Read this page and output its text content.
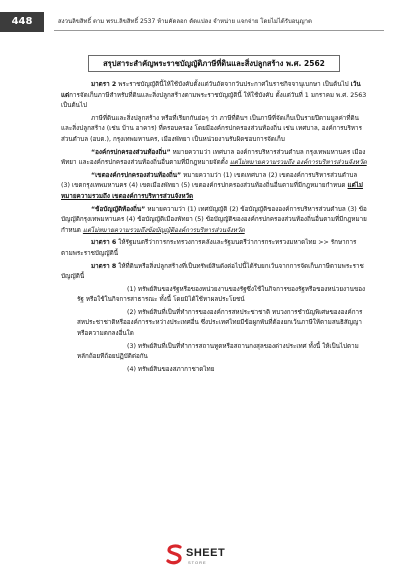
448	สงวนลิขสิทธิ์ ตาม พรบ.ลิขสิทธิ์ 2537 ห้ามคัดลอก ดัดแปลง จำหน่าย แจกจ่าย โดยไม่ได้รับอนุญาต
สรุปสาระสำคัญพระราชบัญญัติภาษีที่ดินและสิ่งปลูกสร้าง พ.ศ. 2562

มาตรา 2 พระราชบัญญัตินี้ให้ใช้บังคับตั้งแต่วันถัดจากวันประกาศในราชกิจจานุเบกษา เป็นต้นไป เว้นแต่การจัดเก็บภาษีสำหรับที่ดินและสิ่งปลูกสร้างตามพระราชบัญญัตินี้ ให้ใช้บังคับ ตั้งแต่วันที่ 1 มกราคม พ.ศ. 2563 เป็นต้นไป

ภาษีที่ดินและสิ่งปลูกสร้าง หรือที่เรียกกันย่อๆ ว่า ภาษีที่ดินฯ เป็นภาษีที่จัดเก็บเป็นรายปีตามมูลค่าที่ดินและสิ่งปลูกสร้าง (เช่น บ้าน อาคาร) ที่ครอบครอง โดยมีองค์กรปกครองส่วนท้องถิ่น เช่น เทศบาล, องค์การบริหารส่วนตำบล (อบต.), กรุงเทพมหานคร, เมืองพัทยา เป็นหน่วยงานรับผิดชอบการจัดเก็บ

“องค์กรปกครองส่วนท้องถิ่น” หมายความว่า เทศบาล องค์การบริหารส่วนตำบล กรุงเทพมหานคร เมืองพัทยา และองค์กรปกครองส่วนท้องถิ่นอื่นตามที่มีกฎหมายจัดตั้ง แต่ไม่หมายความรวมถึง องค์การบริหารส่วนจังหวัด

“เขตองค์กรปกครองส่วนท้องถิ่น” หมายความว่า (1) เขตเทศบาล (2) เขตองค์การบริหารส่วนตำบล (3) เขตกรุงเทพมหานคร (4) เขตเมืองพัทยา (5) เขตองค์กรปกครองส่วนท้องถิ่นอื่นตามที่มีกฎหมายกำหนด แต่ไม่หมายความรวมถึง เขตองค์การบริหารส่วนจังหวัด

“ข้อบัญญัติท้องถิ่น” หมายความว่า (1) เทศบัญญัติ (2) ข้อบัญญัติขององค์การบริหารส่วนตำบล (3) ข้อบัญญัติกรุงเทพมหานคร (4) ข้อบัญญัติเมืองพัทยา (5) ข้อบัญญัติขององค์กรปกครองส่วนท้องถิ่นอื่นตามที่มีกฎหมายกำหนด แต่ไม่หมายความรวมถึงข้อบัญญัติองค์การบริหารส่วนจังหวัด

มาตรา 6 ให้รัฐมนตรีว่าการกระทรวงการคลังและรัฐมนตรีว่าการกระทรวงมหาดไทย >> รักษาการตามพระราชบัญญัตินี้

มาตรา 8 ให้ที่ดินหรือสิ่งปลูกสร้างที่เป็นทรัพย์สินดังต่อไปนี้ได้รับยกเว้นจากการจัดเก็บภาษีตามพระราชบัญญัตินี้

(1) ทรัพย์สินของรัฐหรือของหน่วยงานของรัฐซึ่งใช้ในกิจการของรัฐหรือของหน่วยงานของรัฐ หรือใช้ในกิจการสาธารณะ ทั้งนี้ โดยมิได้ใช้หาผลประโยชน์

(2) ทรัพย์สินที่เป็นที่ทำการขององค์การสหประชาชาติ ทบวงการชำนัญพิเศษขององค์การสหประชาชาติหรือองค์การระหว่างประเทศอื่น ซึ่งประเทศไทยมีข้อผูกพันที่ต้องยกเว้นภาษีให้ตามสนธิสัญญาหรือความตกลงอื่นใด

(3) ทรัพย์สินที่เป็นที่ทำการสถานทูตหรือสถานกงสุลของต่างประเทศ ทั้งนี้ ให้เป็นไปตามหลักถ้อยทีถ้อยปฏิบัติต่อกัน

(4) ทรัพย์สินของสภากาชาดไทย

SHEET
STORE
